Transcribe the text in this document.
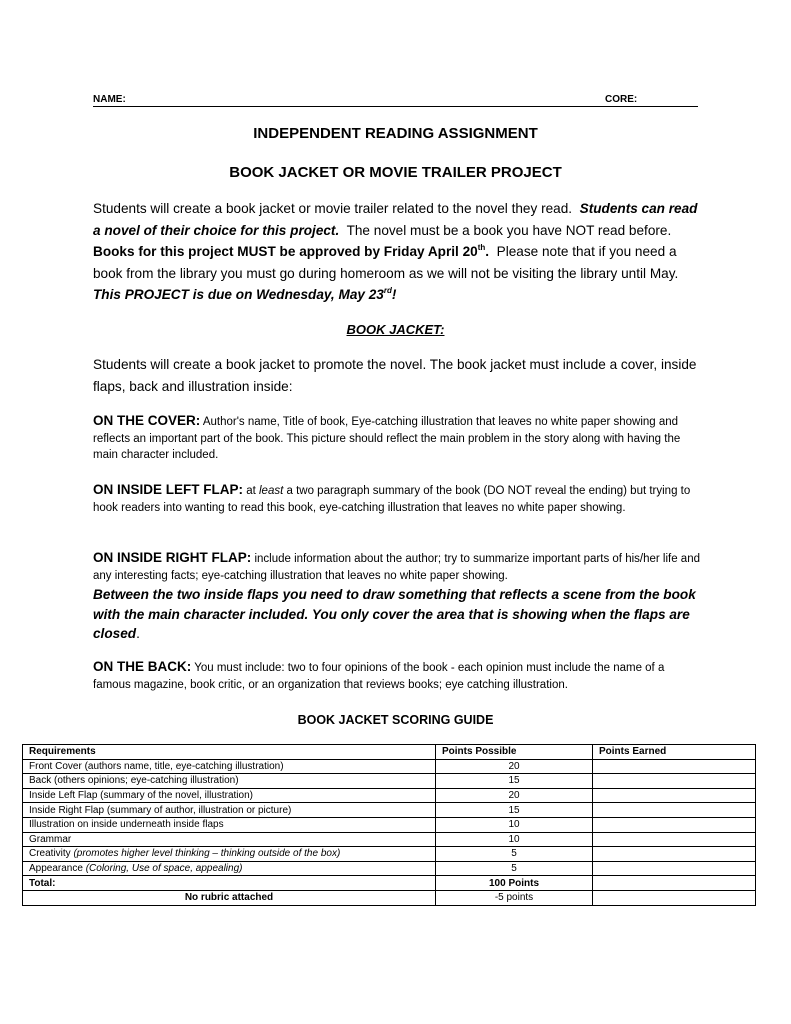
NAME:	CORE:
INDEPENDENT READING ASSIGNMENT
BOOK JACKET OR MOVIE TRAILER PROJECT
Students will create a book jacket or movie trailer related to the novel they read. Students can read a novel of their choice for this project. The novel must be a book you have NOT read before.    Books for this project MUST be approved by Friday April 20th. Please note that if you need a book from the library you must go during homeroom as we will not be visiting the library until May.  This PROJECT is due on Wednesday, May 23rd!
BOOK JACKET:
Students will create a book jacket to promote the novel. The book jacket must include a cover, inside flaps, back and illustration inside:
ON THE COVER: Author's name, Title of book, Eye-catching illustration that leaves no white paper showing and reflects an important part of the book. This picture should reflect the main problem in the story along with having the main character included.
ON INSIDE LEFT FLAP: at least a two paragraph summary of the book (DO NOT reveal the ending) but trying to hook readers into wanting to read this book, eye-catching illustration that leaves no white paper showing.
ON INSIDE RIGHT FLAP: include information about the author; try to summarize important parts of his/her life and any interesting facts; eye-catching illustration that leaves no white paper showing.
Between the two inside flaps you need to draw something that reflects a scene from the book with the main character included. You only cover the area that is showing when the flaps are closed.
ON THE BACK: You must include: two to four opinions of the book - each opinion must include the name of a famous magazine, book critic, or an organization that reviews books; eye catching illustration.
BOOK JACKET SCORING GUIDE
Requirements	Points Possible	Points Earned
Front Cover (authors name, title, eye-catching illustration)	20	
Back (others opinions; eye-catching illustration)	15	
Inside Left Flap (summary of the novel, illustration)	20	
Inside Right Flap (summary of author, illustration or picture)	15	
Illustration on inside underneath inside flaps	10	
Grammar	10	
Creativity (promotes higher level thinking – thinking outside of the box)	5	
Appearance (Coloring, Use of space, appealing)	5	
Total:	100 Points	
No rubric attached	-5 points	
